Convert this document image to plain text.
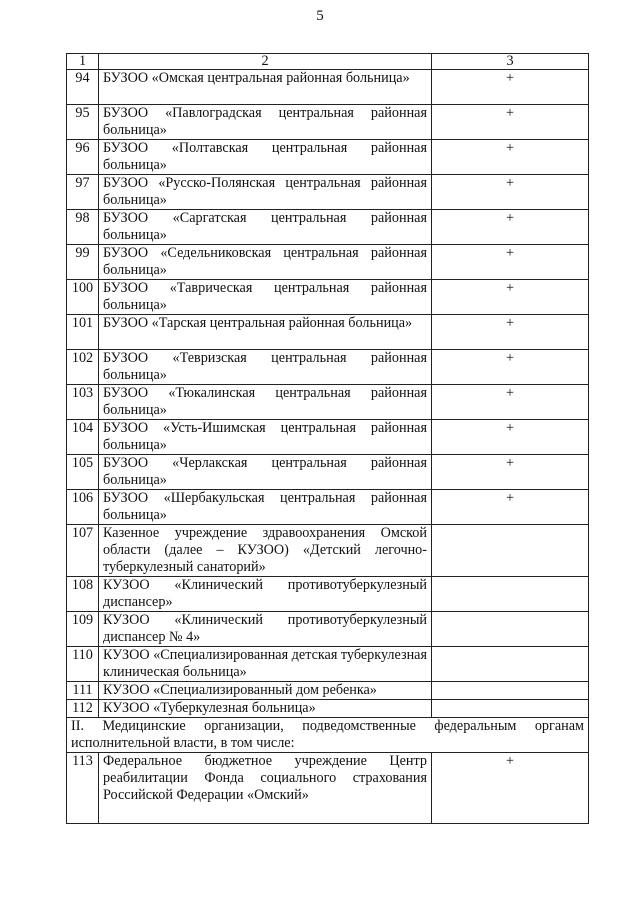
5
1	2	3
94	БУЗОО «Омская центральная районная больница»	+
95	БУЗОО «Павлоградская центральная районная больница»	+
96	БУЗОО «Полтавская центральная районная больница»	+
97	БУЗОО «Русско-Полянская центральная районная больница»	+
98	БУЗОО «Саргатская центральная районная больница»	+
99	БУЗОО «Седельниковская центральная районная больница»	+
100	БУЗОО «Таврическая центральная районная больница»	+
101	БУЗОО «Тарская центральная районная больница»	+
102	БУЗОО «Тевризская центральная районная больница»	+
103	БУЗОО «Тюкалинская центральная районная больница»	+
104	БУЗОО «Усть-Ишимская центральная районная больница»	+
105	БУЗОО «Черлакская центральная районная больница»	+
106	БУЗОО «Шербакульская центральная районная больница»	+
107	Казенное учреждение здравоохранения Омской области (далее – КУЗОО) «Детский легочно-туберкулезный санаторий»	
108	КУЗОО «Клинический противотуберкулезный диспансер»	
109	КУЗОО «Клинический противотуберкулезный диспансер № 4»	
110	КУЗОО «Специализированная детская туберкулезная клиническая больница»	
111	КУЗОО «Специализированный дом ребенка»	
112	КУЗОО «Туберкулезная больница»	
II. Медицинские организации, подведомственные федеральным органам исполнительной власти, в том числе:		
113	Федеральное бюджетное учреждение Центр реабилитации Фонда социального страхования Российской Федерации «Омский»	+
